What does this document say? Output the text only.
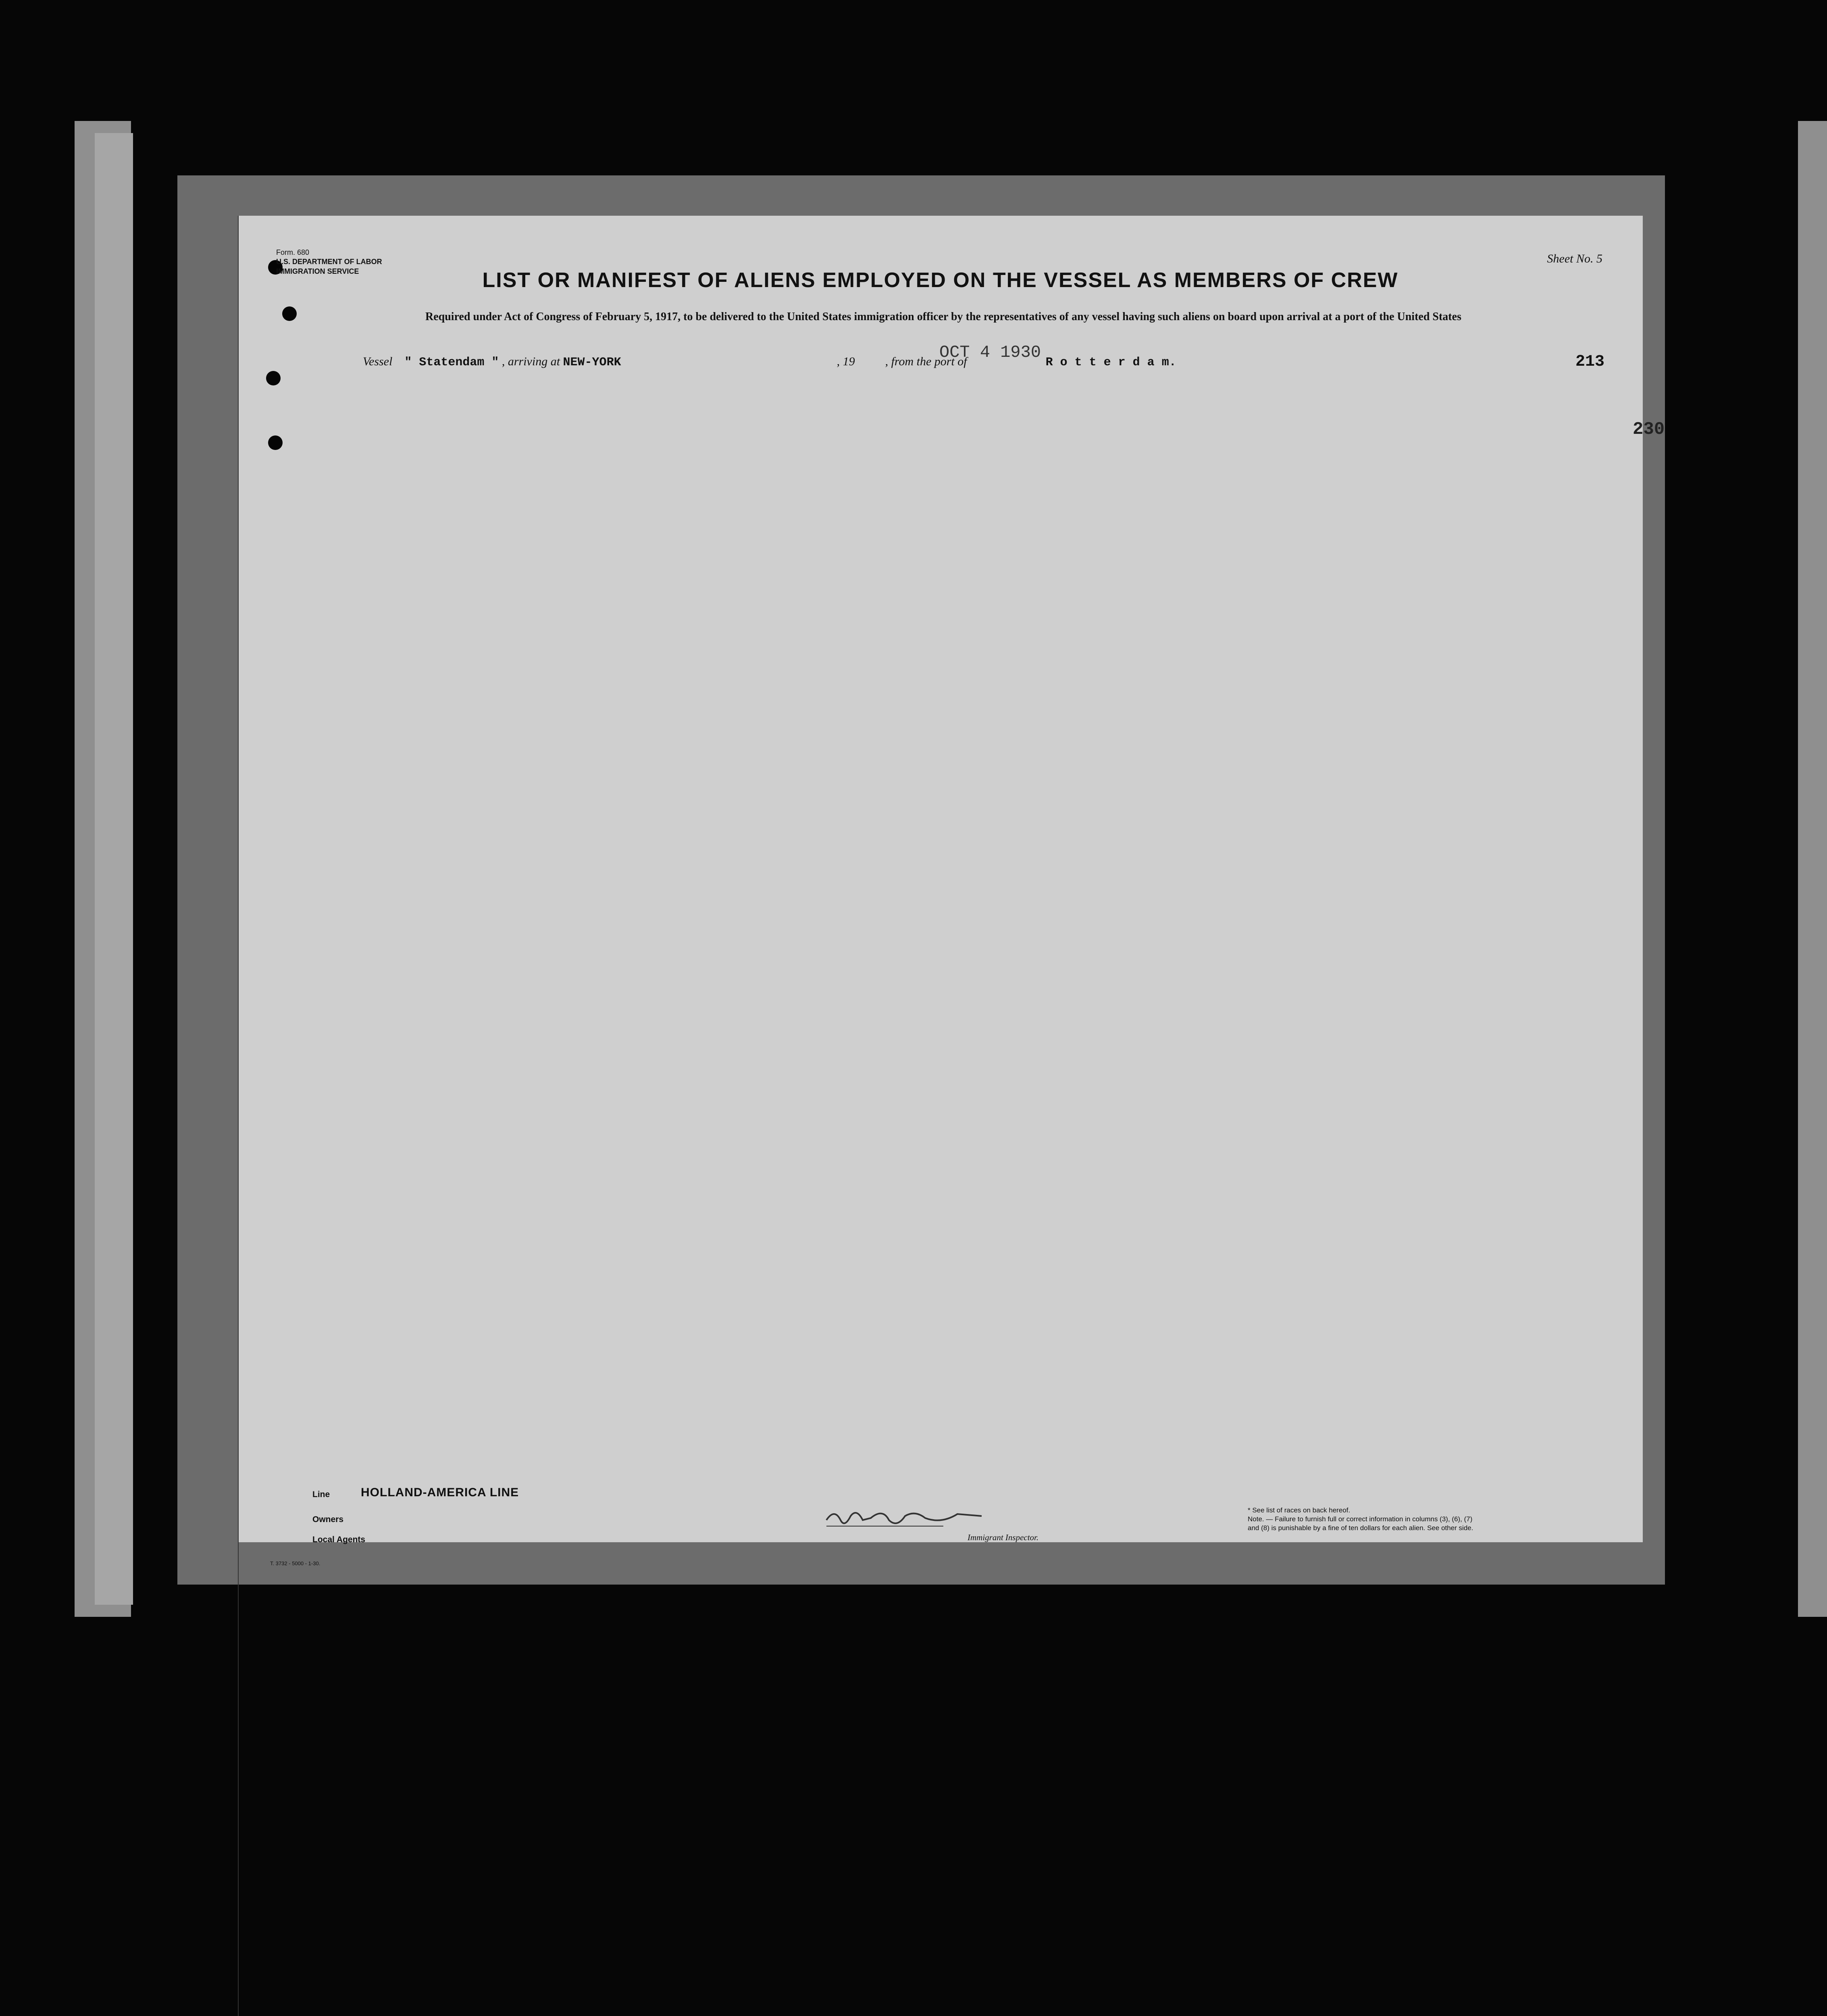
Form. 680
U.S. DEPARTMENT OF LABOR
IMMIGRATION SERVICE
Sheet No. 5
LIST OR MANIFEST OF ALIENS EMPLOYED ON THE VESSEL AS MEMBERS OF CREW
Required under Act of Congress of February 5, 1917, to be delivered to the United States immigration officer by the representatives of any vessel having such aliens on board upon arrival at a port of the United States
OCT 4 1930
Vessel " Statendam " , arriving at NEW-YORK	, 19	, from the port of	R o t t e r d a m.	213
230
Line	HOLLAND-AMERICA LINE
Owners
Local Agents
T. 3732 - 5000 - 1-30.
Immigrant Inspector.
* See list of races on back hereof.
Note. — Failure to furnish full or correct information in columns (3), (6), (7) and (8) is punishable by a fine of ten dollars for each alien. See other side.
